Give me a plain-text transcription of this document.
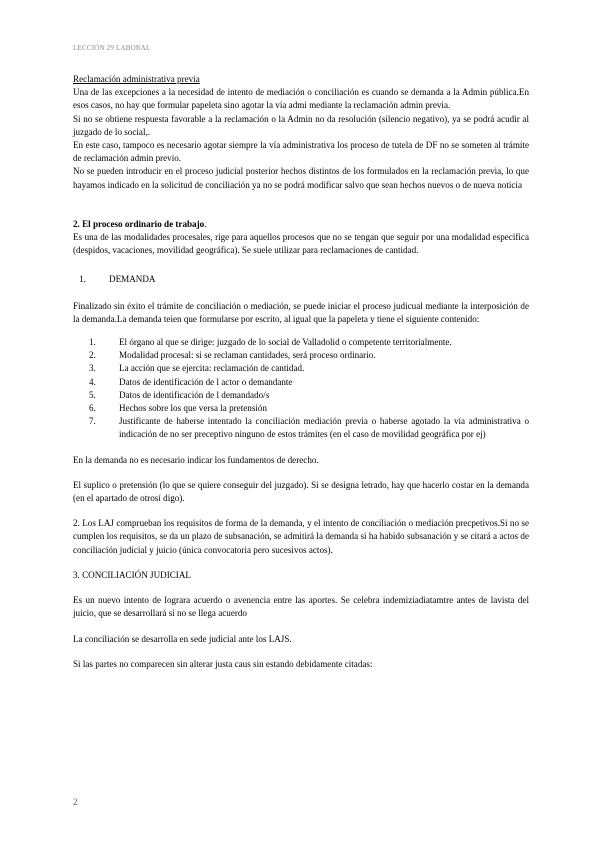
LECCIÓN 29 LABORAL

Reclamación administrativa previa

Una de las excepciones a la necesidad de intento de mediación o conciliación es cuando se demanda a la Admin pública.En esos casos, no hay que formular papeleta sino agotar la vía admi mediante la reclamación admin previa.

Si no se obtiene respuesta favorable a la reclamación o la Admin no da resolución (silencio negativo), ya se podrá acudir al juzgado de lo social,.

En este caso, tampoco es necesario agotar siempre la vía administrativa los proceso de tutela de DF no se someten al trámite de reclamación admin previo.

No se pueden introducir en el proceso judicial posterior hechos distintos de los formulados en la reclamación previa, lo que hayamos indicado en la solicitud de conciliación ya no se podrá modificar salvo que sean hechos nuevos o de nueva noticia

2. El proceso ordinario de trabajo.

Es una de las modalidades procesales, rige para aquellos procesos que no se tengan que seguir por una modalidad específica (despidos, vacaciones, movilidad geográfica). Se suele utilizar para reclamaciones de cantidad.

1.	DEMANDA

Finalizado sin éxito el trámite de conciliación o mediación, se puede iniciar el proceso judicual mediante la interposición de la demanda.La demanda teien que formularse por escrito, al igual que la papeleta y tiene el siguiente contenido:

1.	El órgano al que se dirige: juzgado de lo social de Valladolid o competente territorialmente.
2.	Modalidad procesal: si se reclaman cantidades, será proceso ordinario.
3.	La acción que se ejercita: reclamación de cantidad.
4.	Datos de identificación de l actor o demandante
5.	Datos de identificación de l demandado/s
6.	Hechos sobre los que versa la pretensión
7.	Justificante de haberse intentado la conciliación mediación previa o haberse agotado la vía administrativa o indicación de no ser preceptivo ninguno de estos trámites (en el caso de movilidad geográfica por ej)

En la demanda no es necesario indicar los fundamentos de derecho.

El suplico o pretensión (lo que se quiere conseguir del juzgado). Si se designa letrado, hay que hacerlo costar en la demanda (en el apartado de otrosí digo).

2. Los LAJ comprueban los requisitos de forma de la demanda, y el intento de conciliación o mediación precpetivos.Si no se cumplen los requisitos, se da un plazo de subsanación, se admitirá la demanda si ha habido subsanación y se citará a actos de conciliación judicial y juicio (única convocatoria pero sucesivos actos).

3. CONCILIACIÓN JUDICIAL

Es un nuevo intento de lograra acuerdo o avenencia entre las aportes. Se celebra indemiziadiatamtre antes de lavista del juicio, que se desarrollará si no se llega acuerdo

La conciliación se desarrolla en sede judicial ante los LAJS.

Si las partes no comparecen sin alterar justa caus sin estando debidamente citadas:

2
